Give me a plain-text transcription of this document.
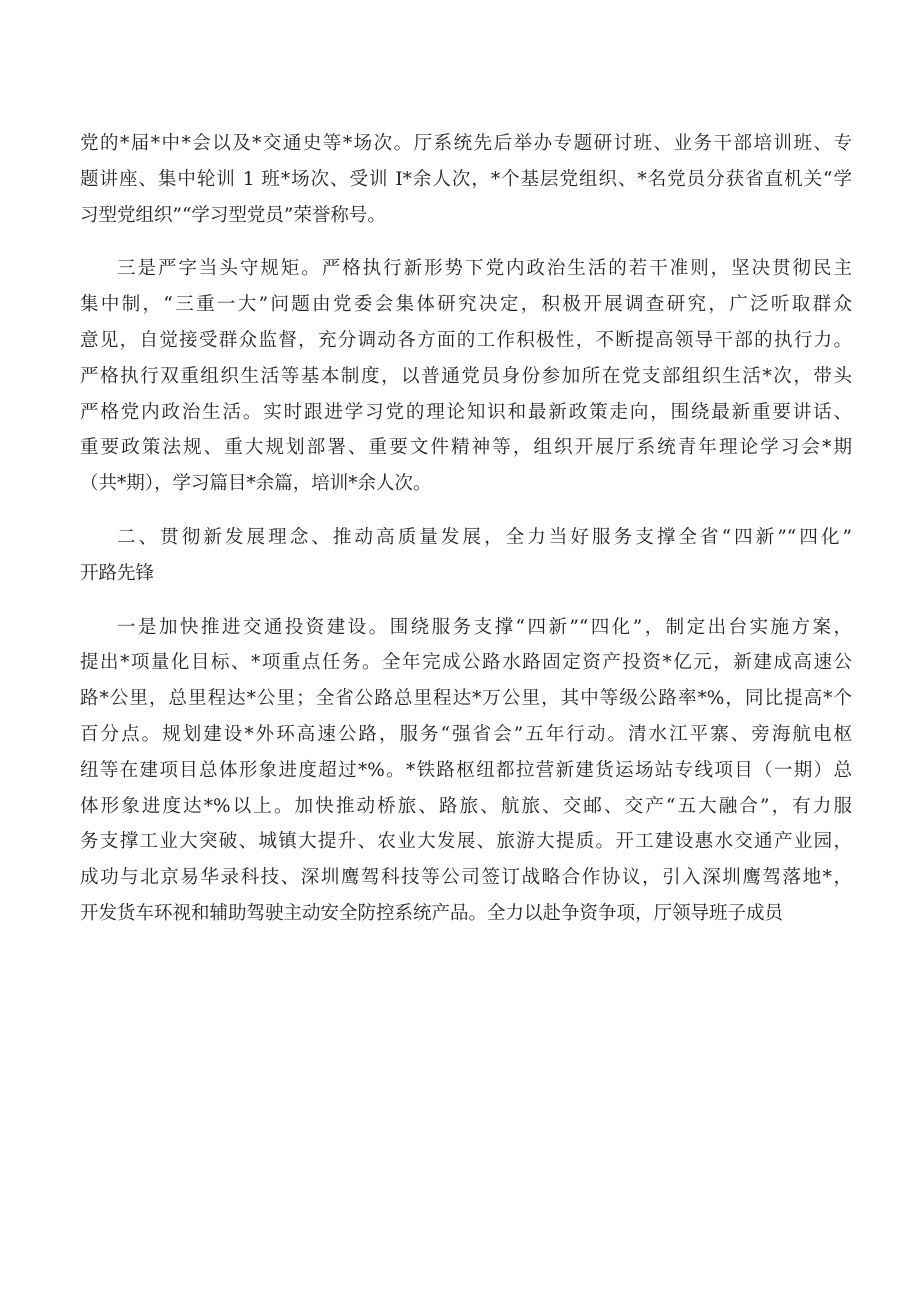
党的*届*中*会以及*交通史等*场次。厅系统先后举办专题研讨班、业务干部培训班、专
题讲座、集中轮训 1 班*场次、受训 I*余人次，*个基层党组织、*名党员分获省直机关“学
习型党组织”“学习型党员”荣誉称号。
三是严字当头守规矩。严格执行新形势下党内政治生活的若干准则，坚决贯彻民主
集中制，“三重一大”问题由党委会集体研究决定，积极开展调查研究，广泛听取群众
意见，自觉接受群众监督，充分调动各方面的工作积极性，不断提高领导干部的执行力。
严格执行双重组织生活等基本制度，以普通党员身份参加所在党支部组织生活*次，带头
严格党内政治生活。实时跟进学习党的理论知识和最新政策走向，围绕最新重要讲话、
重要政策法规、重大规划部署、重要文件精神等，组织开展厅系统青年理论学习会*期
（共*期），学习篇目*余篇，培训*余人次。
二、贯彻新发展理念、推动高质量发展，全力当好服务支撑全省“四新”“四化”
开路先锋
一是加快推进交通投资建设。围绕服务支撑“四新”“四化”，制定出台实施方案，
提出*项量化目标、*项重点任务。全年完成公路水路固定资产投资*亿元，新建成高速公
路*公里，总里程达*公里；全省公路总里程达*万公里，其中等级公路率*%，同比提高*个
百分点。规划建设*外环高速公路，服务“强省会”五年行动。清水江平寨、旁海航电枢
纽等在建项目总体形象进度超过*%。*铁路枢纽都拉营新建货运场站专线项目（一期）总
体形象进度达*%以上。加快推动桥旅、路旅、航旅、交邮、交产“五大融合”，有力服
务支撑工业大突破、城镇大提升、农业大发展、旅游大提质。开工建设惠水交通产业园，
成功与北京易华录科技、深圳鹰驾科技等公司签订战略合作协议，引入深圳鹰驾落地*，
开发货车环视和辅助驾驶主动安全防控系统产品。全力以赴争资争项，厅领导班子成员
